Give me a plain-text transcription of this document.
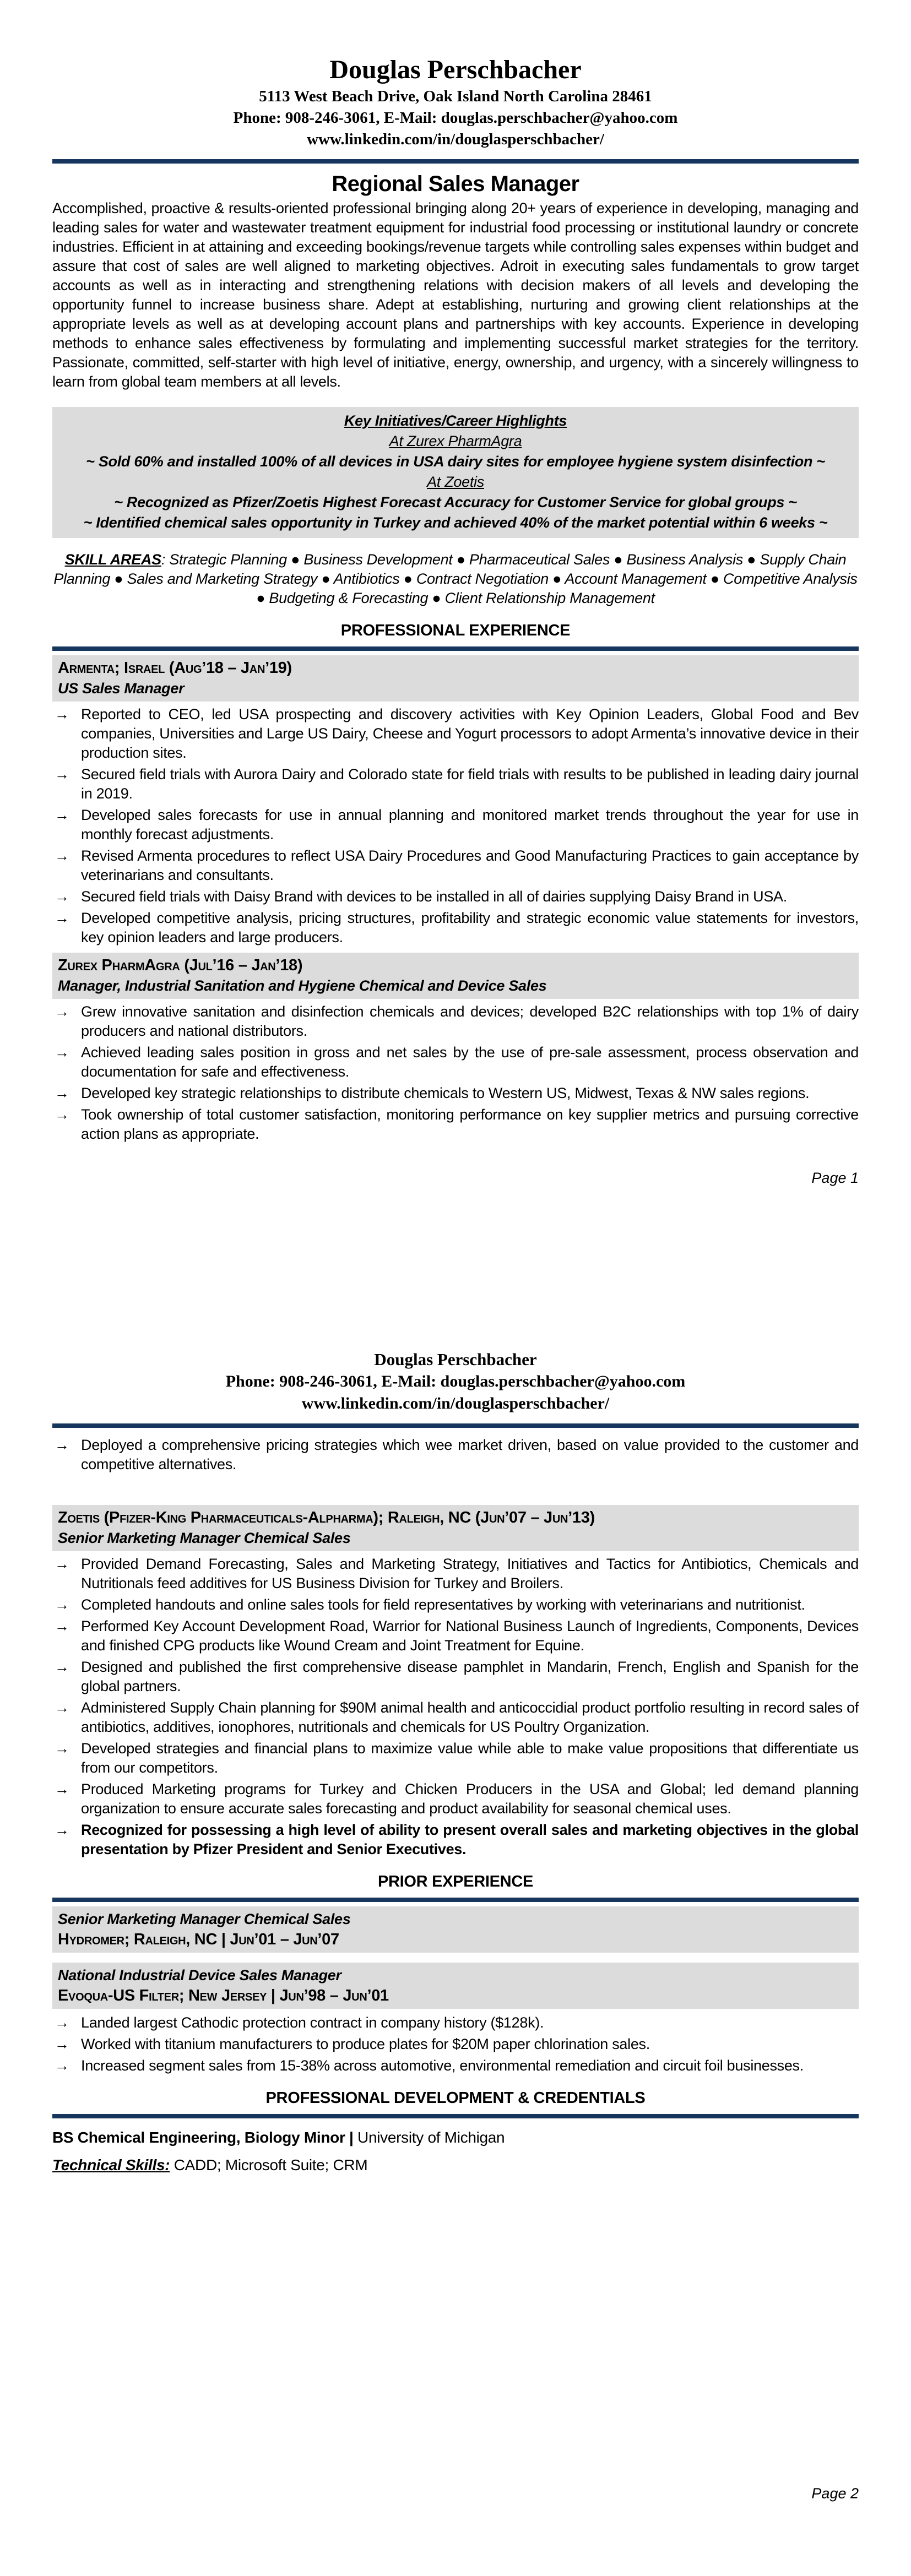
Douglas Perschbacher
5113 West Beach Drive, Oak Island North Carolina 28461
Phone: 908-246-3061, E-Mail: douglas.perschbacher@yahoo.com
www.linkedin.com/in/douglasperschbacher/
Regional Sales Manager
Accomplished, proactive & results-oriented professional bringing along 20+ years of experience in developing, managing and leading sales for water and wastewater treatment equipment for industrial food processing or institutional laundry or concrete industries. Efficient in at attaining and exceeding bookings/revenue targets while controlling sales expenses within budget and assure that cost of sales are well aligned to marketing objectives. Adroit in executing sales fundamentals to grow target accounts as well as in interacting and strengthening relations with decision makers of all levels and developing the opportunity funnel to increase business share. Adept at establishing, nurturing and growing client relationships at the appropriate levels as well as at developing account plans and partnerships with key accounts. Experience in developing methods to enhance sales effectiveness by formulating and implementing successful market strategies for the territory. Passionate, committed, self-starter with high level of initiative, energy, ownership, and urgency, with a sincerely willingness to learn from global team members at all levels.
Key Initiatives/Career Highlights
At Zurex PharmAgra
~ Sold 60% and installed 100% of all devices in USA dairy sites for employee hygiene system disinfection ~
At Zoetis
~ Recognized as Pfizer/Zoetis Highest Forecast Accuracy for Customer Service for global groups ~
~ Identified chemical sales opportunity in Turkey and achieved 40% of the market potential within 6 weeks ~
SKILL AREAS: Strategic Planning ● Business Development ● Pharmaceutical Sales ● Business Analysis ● Supply Chain Planning ● Sales and Marketing Strategy ● Antibiotics ● Contract Negotiation ● Account Management ● Competitive Analysis ● Budgeting & Forecasting ● Client Relationship Management
PROFESSIONAL EXPERIENCE
Armenta; Israel (Aug’18 – Jan’19)
US Sales Manager
→ Reported to CEO, led USA prospecting and discovery activities with Key Opinion Leaders, Global Food and Bev companies, Universities and Large US Dairy, Cheese and Yogurt processors to adopt Armenta’s innovative device in their production sites.
→ Secured field trials with Aurora Dairy and Colorado state for field trials with results to be published in leading dairy journal in 2019.
→ Developed sales forecasts for use in annual planning and monitored market trends throughout the year for use in monthly forecast adjustments.
→ Revised Armenta procedures to reflect USA Dairy Procedures and Good Manufacturing Practices to gain acceptance by veterinarians and consultants.
→ Secured field trials with Daisy Brand with devices to be installed in all of dairies supplying Daisy Brand in USA.
→ Developed competitive analysis, pricing structures, profitability and strategic economic value statements for investors, key opinion leaders and large producers.
Zurex PharmAgra (Jul’16 – Jan’18)
Manager, Industrial Sanitation and Hygiene Chemical and Device Sales
→ Grew innovative sanitation and disinfection chemicals and devices; developed B2C relationships with top 1% of dairy producers and national distributors.
→ Achieved leading sales position in gross and net sales by the use of pre-sale assessment, process observation and documentation for safe and effectiveness.
→ Developed key strategic relationships to distribute chemicals to Western US, Midwest, Texas & NW sales regions.
→ Took ownership of total customer satisfaction, monitoring performance on key supplier metrics and pursuing corrective action plans as appropriate.
Page 1
Douglas Perschbacher
Phone: 908-246-3061, E-Mail: douglas.perschbacher@yahoo.com
www.linkedin.com/in/douglasperschbacher/
→ Deployed a comprehensive pricing strategies which wee market driven, based on value provided to the customer and competitive alternatives.
Zoetis (Pfizer-King Pharmaceuticals-Alpharma); Raleigh, NC (Jun’07 – Jun’13)
Senior Marketing Manager Chemical Sales
→ Provided Demand Forecasting, Sales and Marketing Strategy, Initiatives and Tactics for Antibiotics, Chemicals and Nutritionals feed additives for US Business Division for Turkey and Broilers.
→ Completed handouts and online sales tools for field representatives by working with veterinarians and nutritionist.
→ Performed Key Account Development Road, Warrior for National Business Launch of Ingredients, Components, Devices and finished CPG products like Wound Cream and Joint Treatment for Equine.
→ Designed and published the first comprehensive disease pamphlet in Mandarin, French, English and Spanish for the global partners.
→ Administered Supply Chain planning for $90M animal health and anticoccidial product portfolio resulting in record sales of antibiotics, additives, ionophores, nutritionals and chemicals for US Poultry Organization.
→ Developed strategies and financial plans to maximize value while able to make value propositions that differentiate us from our competitors.
→ Produced Marketing programs for Turkey and Chicken Producers in the USA and Global; led demand planning organization to ensure accurate sales forecasting and product availability for seasonal chemical uses.
→ Recognized for possessing a high level of ability to present overall sales and marketing objectives in the global presentation by Pfizer President and Senior Executives.
PRIOR EXPERIENCE
Senior Marketing Manager Chemical Sales
Hydromer; Raleigh, NC | Jun’01 – Jun’07
National Industrial Device Sales Manager
Evoqua-US Filter; New Jersey | Jun’98 – Jun’01
→ Landed largest Cathodic protection contract in company history ($128k).
→ Worked with titanium manufacturers to produce plates for $20M paper chlorination sales.
→ Increased segment sales from 15-38% across automotive, environmental remediation and circuit foil businesses.
PROFESSIONAL DEVELOPMENT & CREDENTIALS
BS Chemical Engineering, Biology Minor | University of Michigan
Technical Skills: CADD; Microsoft Suite; CRM
Page 2
